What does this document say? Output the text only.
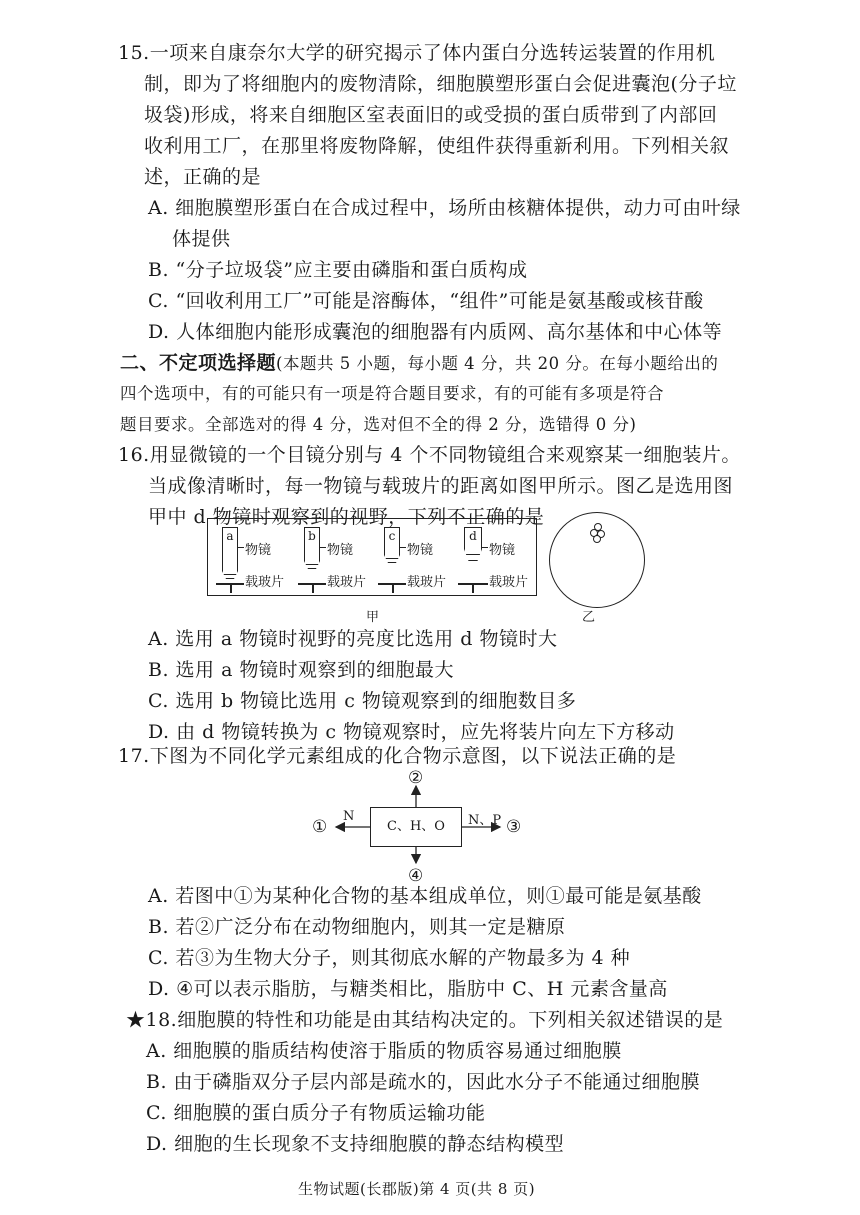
15.一项来自康奈尔大学的研究揭示了体内蛋白分选转运装置的作用机
制，即为了将细胞内的废物清除，细胞膜塑形蛋白会促进囊泡(分子垃
圾袋)形成，将来自细胞区室表面旧的或受损的蛋白质带到了内部回
收利用工厂，在那里将废物降解，使组件获得重新利用。下列相关叙
述，正确的是
A. 细胞膜塑形蛋白在合成过程中，场所由核糖体提供，动力可由叶绿
体提供
B. “分子垃圾袋”应主要由磷脂和蛋白质构成
C. “回收利用工厂”可能是溶酶体，“组件”可能是氨基酸或核苷酸
D. 人体细胞内能形成囊泡的细胞器有内质网、高尔基体和中心体等
二、不定项选择题(本题共 5 小题，每小题 4 分，共 20 分。在每小题给出的
四个选项中，有的可能只有一项是符合题目要求，有的可能有多项是符合
题目要求。全部选对的得 4 分，选对但不全的得 2 分，选错得 0 分)
16.用显微镜的一个目镜分别与 4 个不同物镜组合来观察某一细胞装片。
当成像清晰时，每一物镜与载玻片的距离如图甲所示。图乙是选用图
甲中 d 物镜时观察到的视野，下列不正确的是
a
物镜
载玻片
b
物镜
载玻片
c
物镜
载玻片
d
物镜
载玻片
甲	乙
A. 选用 a 物镜时视野的亮度比选用 d 物镜时大
B. 选用 a 物镜时观察到的细胞最大
C. 选用 b 物镜比选用 c 物镜观察到的细胞数目多
D. 由 d 物镜转换为 c 物镜观察时，应先将装片向左下方移动
17.下图为不同化学元素组成的化合物示意图，以下说法正确的是
C、H、O
②
④
①	③
N	N、P
A. 若图中①为某种化合物的基本组成单位，则①最可能是氨基酸
B. 若②广泛分布在动物细胞内，则其一定是糖原
C. 若③为生物大分子，则其彻底水解的产物最多为 4 种
D. ④可以表示脂肪，与糖类相比，脂肪中 C、H 元素含量高
★18.细胞膜的特性和功能是由其结构决定的。下列相关叙述错误的是
A. 细胞膜的脂质结构使溶于脂质的物质容易通过细胞膜
B. 由于磷脂双分子层内部是疏水的，因此水分子不能通过细胞膜
C. 细胞膜的蛋白质分子有物质运输功能
D. 细胞的生长现象不支持细胞膜的静态结构模型
生物试题(长郡版)第 4 页(共 8 页)
